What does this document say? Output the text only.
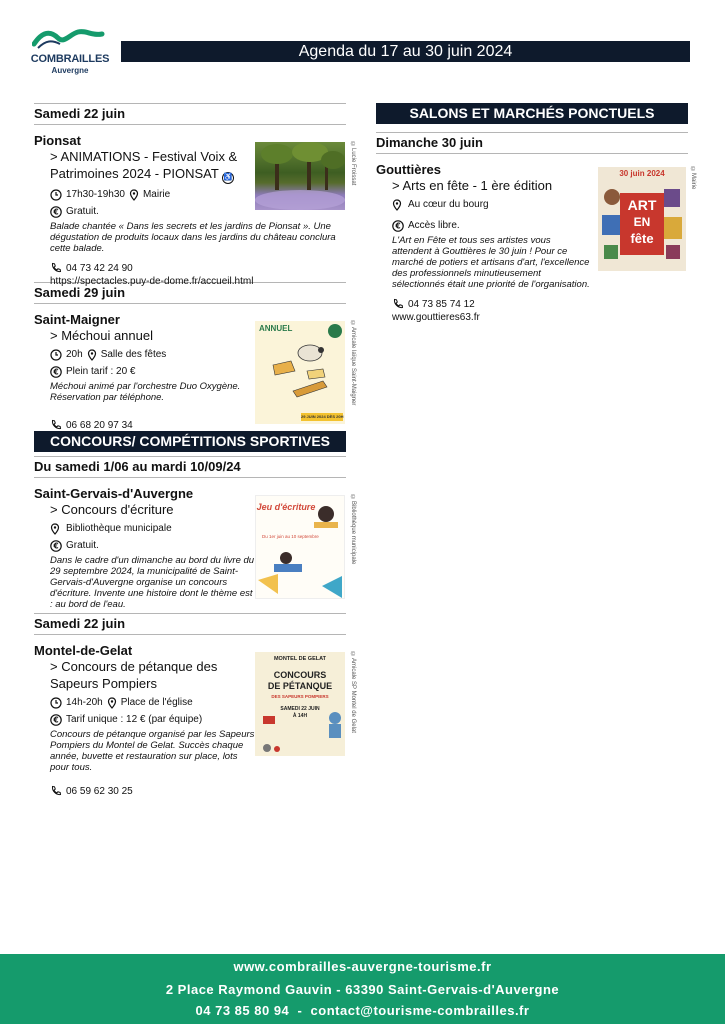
COMBRAILLES
Auvergne
Agenda du 17 au 30 juin 2024
Samedi 22 juin
Pionsat
> ANIMATIONS - Festival Voix &
Patrimoines 2024 - PIONSAT ♿
17h30-19h30 Mairie
€ Gratuit.
Balade chantée « Dans les secrets et les jardins de Pionsat ». Une dégustation de produits locaux dans les jardins du château conclura cette balade.
04 73 42 24 90
https://spectacles.puy-de-dome.fr/accueil.html
©Lucie Froissat
Samedi 29 juin
Saint-Maigner
> Méchoui annuel
20h Salle des fêtes
€ Plein tarif : 20 €
Méchoui animé par l'orchestre Duo Oxygène. Réservation par téléphone.
06 68 20 97 34
ANNUEL
29 JUIN 2024 DÈS 20H
©Amicale laïque Saint-Maigner
CONCOURS/ COMPÉTITIONS SPORTIVES
Du samedi 1/06 au mardi 10/09/24
Saint-Gervais-d'Auvergne
> Concours d'écriture
Bibliothèque municipale
€ Gratuit.
Dans le cadre d'un dimanche au bord du livre du 29 septembre 2024, la municipalité de Saint-Gervais-d'Auvergne organise un concours d'écriture. Invente une histoire dont le thème est : au bord de l'eau.
Jeu d'écriture
Du 1er juin au 10 septembre	©Bibliothèque municipale
Samedi 22 juin
Montel-de-Gelat
> Concours de pétanque des
Sapeurs Pompiers
14h-20h Place de l'église
€ Tarif unique : 12 € (par équipe)
Concours de pétanque organisé par les Sapeurs Pompiers du Montel de Gelat. Succès chaque année, buvette et restauration sur place, lots pour tous.
06 59 62 30 25
MONTEL DE GELAT
CONCOURS
DE PÉTANQUE
DES SAPEURS POMPIERS
SAMEDI 22 JUIN
À 14H	©Amicale SP Montel de Gelat
SALONS ET MARCHÉS PONCTUELS
Dimanche 30 juin
Gouttières
> Arts en fête - 1 ère édition
Au cœur du bourg
€ Accès libre.
L'Art en Fête et tous ses artistes vous attendent à Gouttières le 30 juin ! Pour ce marché de potiers et artisans d'art, l'excellence des professionnels minutieusement sélectionnés était une priorité de l'organisation.
04 73 85 74 12
www.gouttieres63.fr
30 juin 2024
ART
EN
fête
©Mairie
www.combrailles-auvergne-tourisme.fr
2 Place Raymond Gauvin - 63390 Saint-Gervais-d'Auvergne
04 73 85 80 94  -  contact@tourisme-combrailles.fr
